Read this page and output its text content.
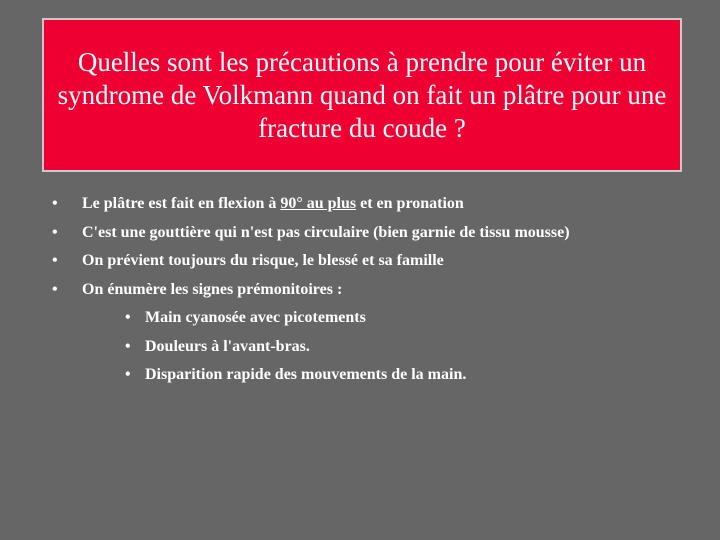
Quelles sont les précautions à prendre pour éviter un syndrome de Volkmann quand on fait un plâtre pour une fracture du coude ?
•	Le plâtre est fait en flexion à 90° au plus et en pronation
•	C'est une gouttière qui n'est pas circulaire (bien garnie de tissu mousse)
•	On prévient toujours du risque, le blessé et sa famille
•	On énumère les signes prémonitoires :
• Main cyanosée avec picotements
• Douleurs à l'avant-bras.
• Disparition rapide des mouvements de la main.
